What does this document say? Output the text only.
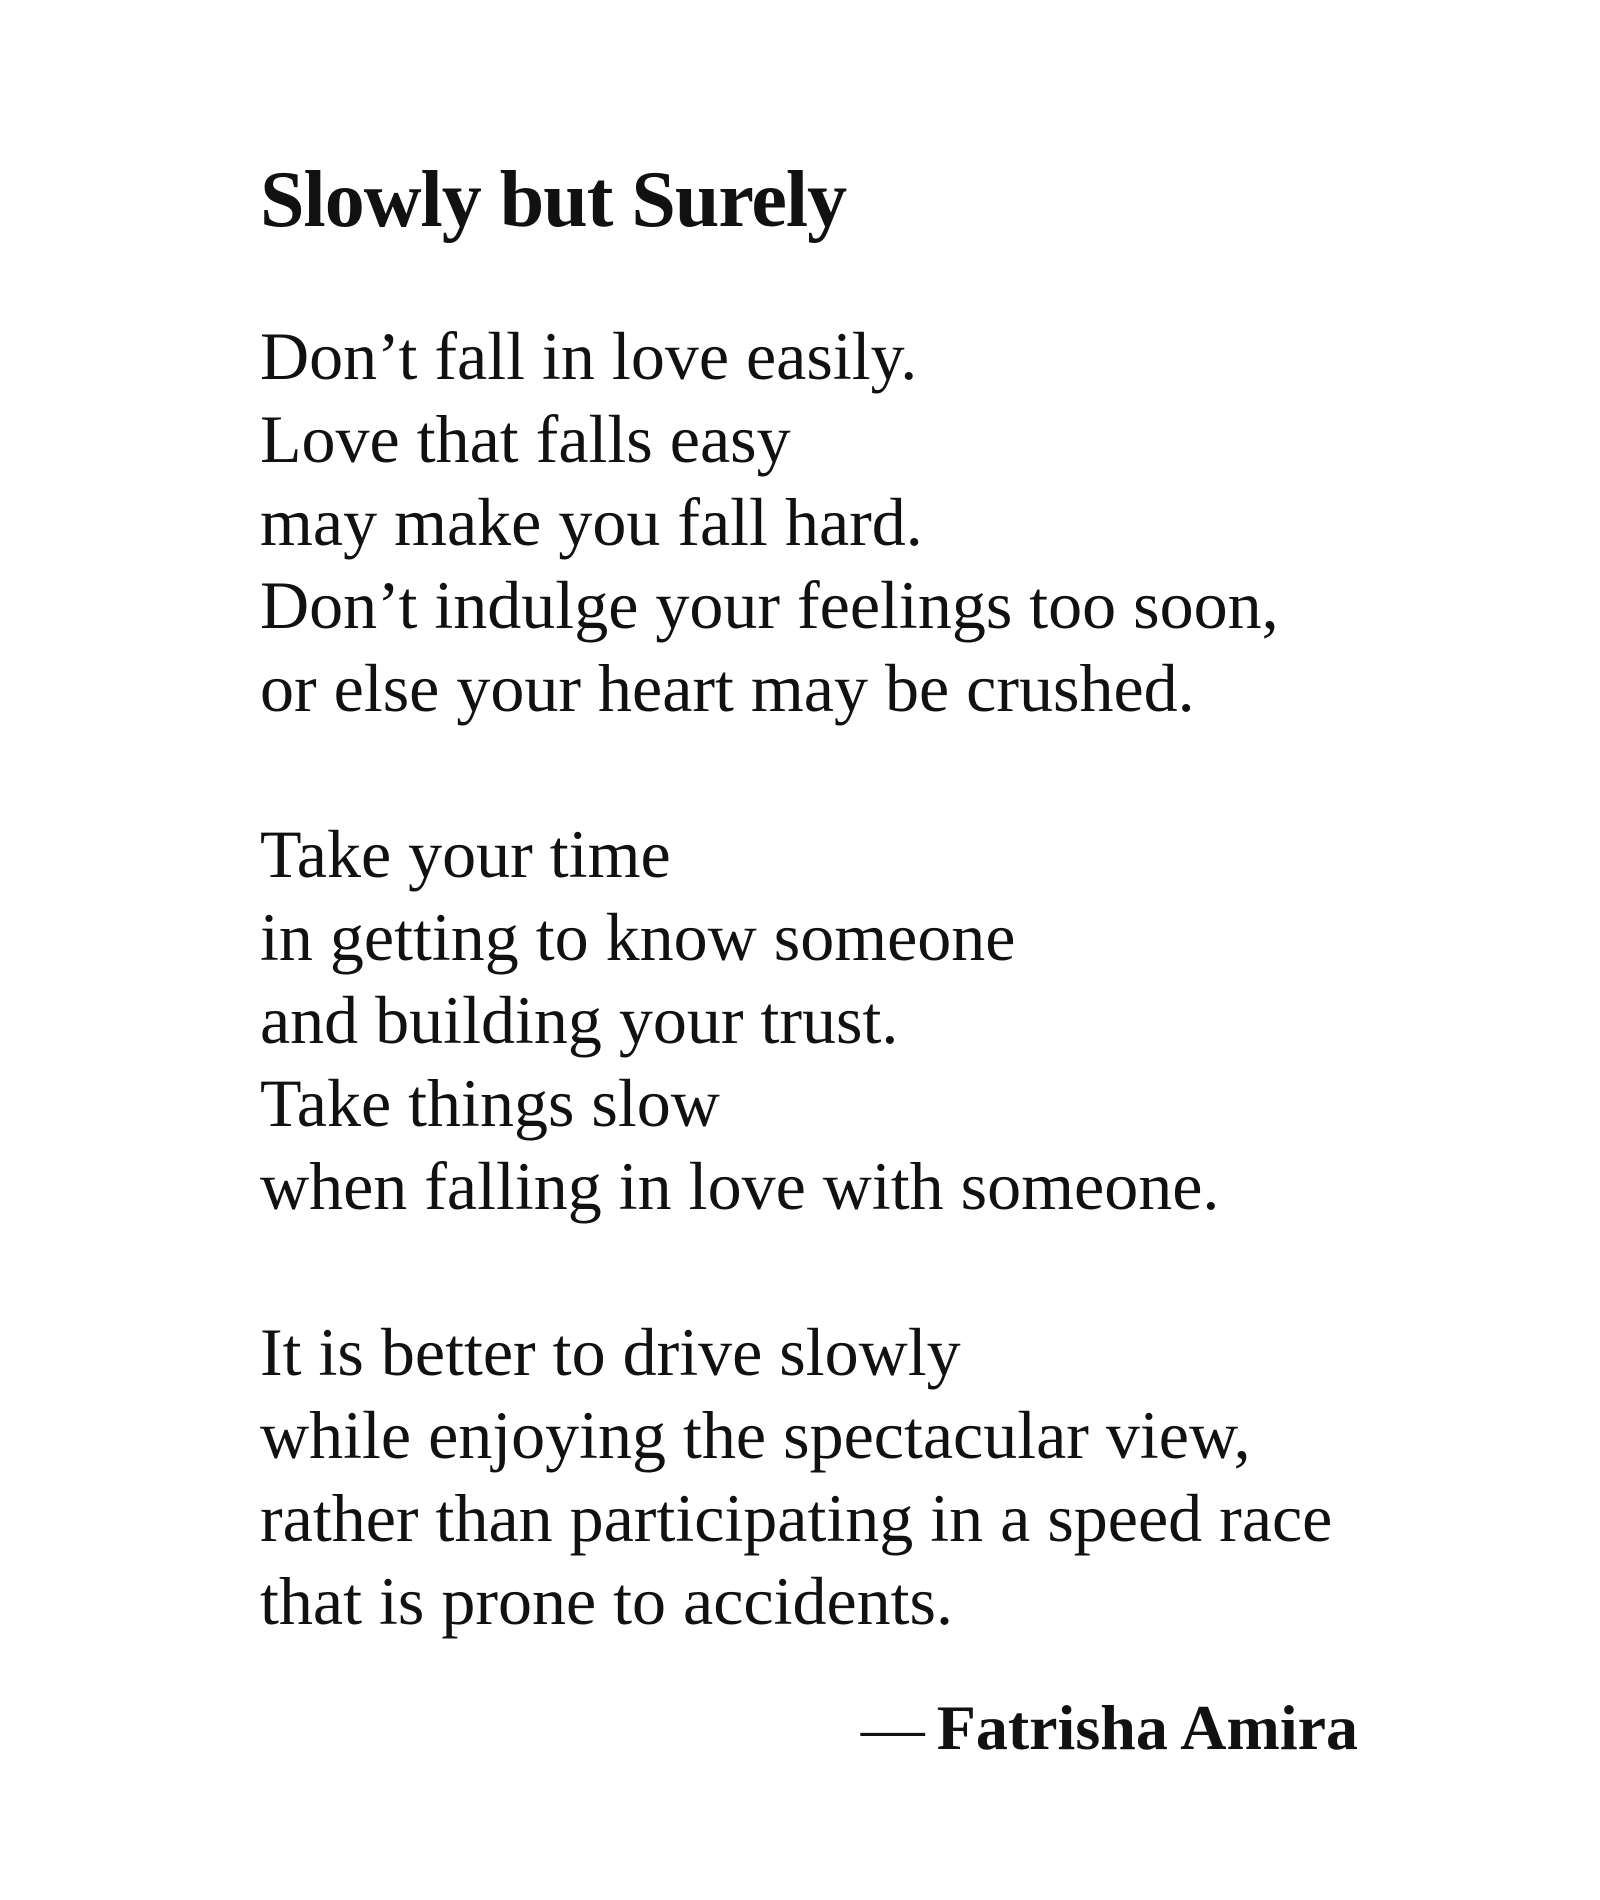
Slowly but Surely

Don’t fall in love easily.
Love that falls easy
may make you fall hard.
Don’t indulge your feelings too soon,
or else your heart may be crushed.

Take your time
in getting to know someone
and building your trust.
Take things slow
when falling in love with someone.

It is better to drive slowly
while enjoying the spectacular view,
rather than participating in a speed race
that is prone to accidents.

— Fatrisha Amira
